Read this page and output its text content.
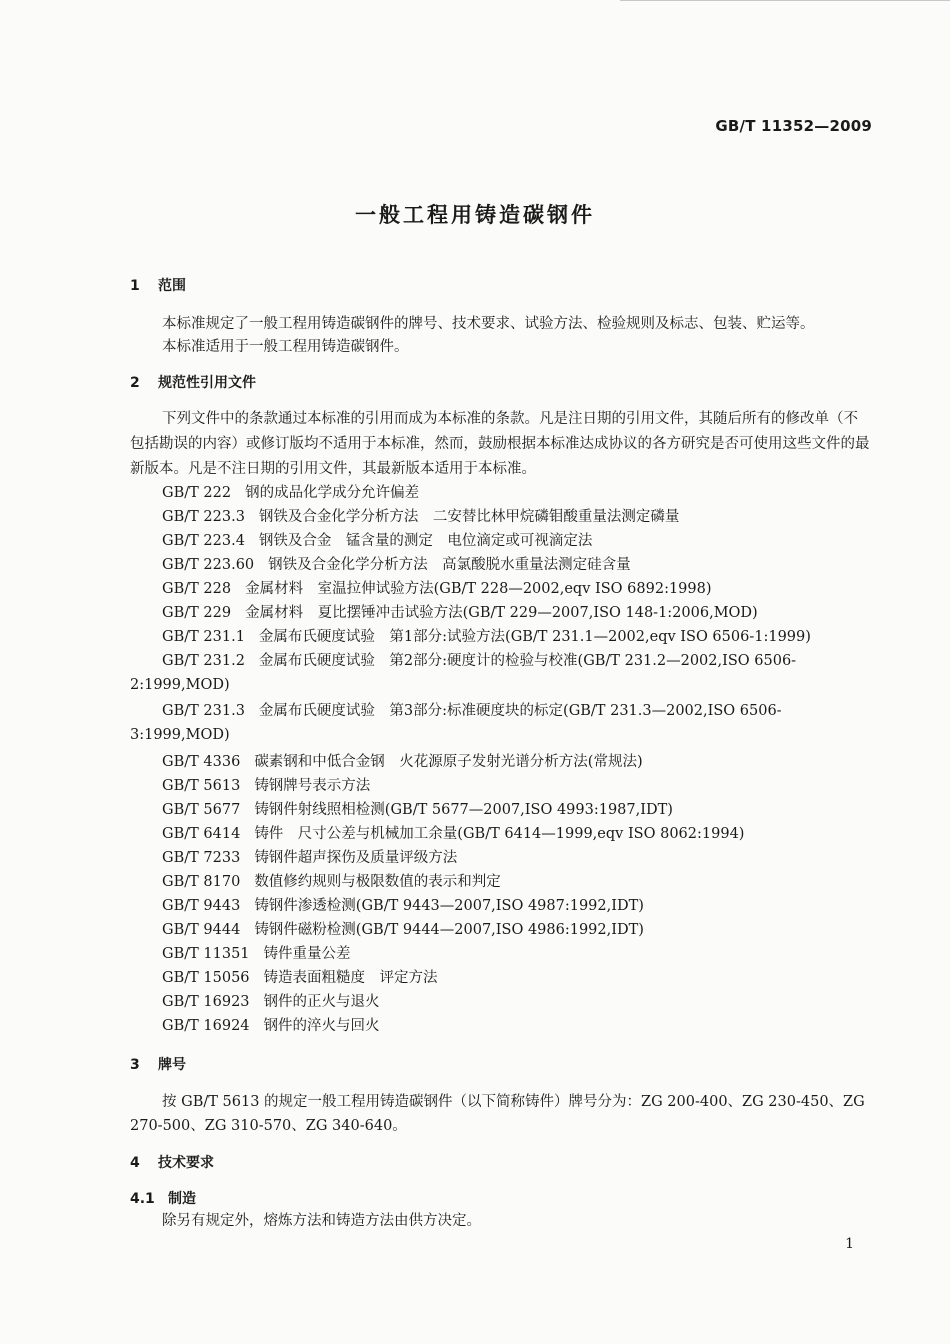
GB/T 11352—2009
一般工程用铸造碳钢件
1 范围
本标准规定了一般工程用铸造碳钢件的牌号、技术要求、试验方法、检验规则及标志、包装、贮运等。
本标准适用于一般工程用铸造碳钢件。
2 规范性引用文件
下列文件中的条款通过本标准的引用而成为本标准的条款。凡是注日期的引用文件，其随后所有的修改单（不包括勘误的内容）或修订版均不适用于本标准，然而，鼓励根据本标准达成协议的各方研究是否可使用这些文件的最新版本。凡是不注日期的引用文件，其最新版本适用于本标准。
GB/T 222 钢的成品化学成分允许偏差
GB/T 223.3 钢铁及合金化学分析方法　二安替比林甲烷磷钼酸重量法测定磷量
GB/T 223.4 钢铁及合金　锰含量的测定　电位滴定或可视滴定法
GB/T 223.60 钢铁及合金化学分析方法　高氯酸脱水重量法测定硅含量
GB/T 228 金属材料　室温拉伸试验方法(GB/T 228—2002,eqv ISO 6892:1998)
GB/T 229 金属材料　夏比摆锤冲击试验方法(GB/T 229—2007,ISO 148-1:2006,MOD)
GB/T 231.1 金属布氏硬度试验　第1部分:试验方法(GB/T 231.1—2002,eqv ISO 6506-1:1999)
GB/T 231.2 金属布氏硬度试验　第2部分:硬度计的检验与校准(GB/T 231.2—2002,ISO 6506-2:1999,MOD)
GB/T 231.3 金属布氏硬度试验　第3部分:标准硬度块的标定(GB/T 231.3—2002,ISO 6506-3:1999,MOD)
GB/T 4336 碳素钢和中低合金钢　火花源原子发射光谱分析方法(常规法)
GB/T 5613 铸钢牌号表示方法
GB/T 5677 铸钢件射线照相检测(GB/T 5677—2007,ISO 4993:1987,IDT)
GB/T 6414 铸件　尺寸公差与机械加工余量(GB/T 6414—1999,eqv ISO 8062:1994)
GB/T 7233 铸钢件超声探伤及质量评级方法
GB/T 8170 数值修约规则与极限数值的表示和判定
GB/T 9443 铸钢件渗透检测(GB/T 9443—2007,ISO 4987:1992,IDT)
GB/T 9444 铸钢件磁粉检测(GB/T 9444—2007,ISO 4986:1992,IDT)
GB/T 11351 铸件重量公差
GB/T 15056 铸造表面粗糙度　评定方法
GB/T 16923 钢件的正火与退火
GB/T 16924 钢件的淬火与回火
3 牌号
按 GB/T 5613 的规定一般工程用铸造碳钢件（以下简称铸件）牌号分为：ZG 200-400、ZG 230-450、ZG 270-500、ZG 310-570、ZG 340-640。
4 技术要求
4.1 制造
除另有规定外，熔炼方法和铸造方法由供方决定。
1
